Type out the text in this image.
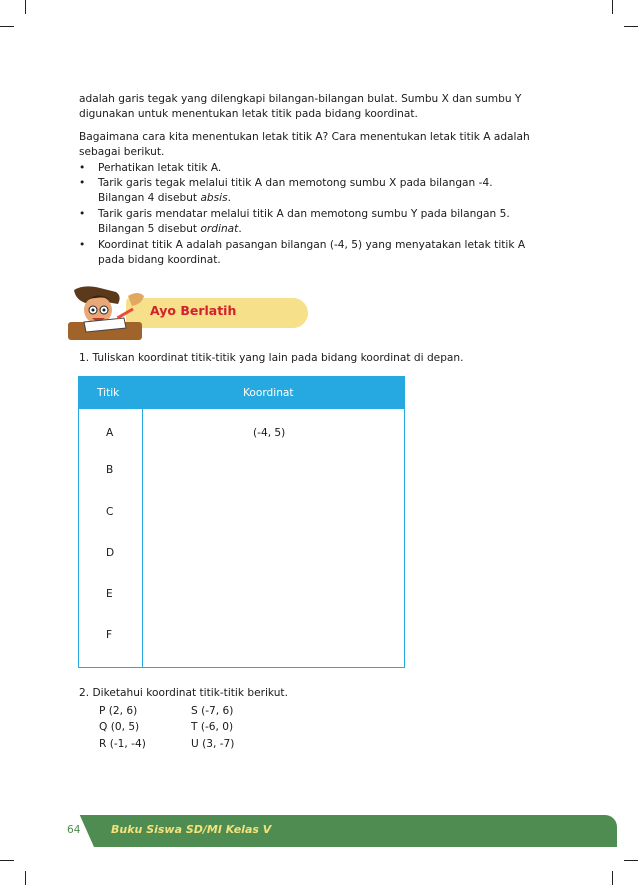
adalah garis tegak yang dilengkapi bilangan-bilangan bulat. Sumbu X dan sumbu Y
digunakan untuk menentukan letak titik pada bidang koordinat.

Bagaimana cara kita menentukan letak titik A? Cara menentukan letak titik A adalah
sebagai berikut.

• Perhatikan letak titik A.
• Tarik garis tegak melalui titik A dan memotong sumbu X pada bilangan -4.
Bilangan 4 disebut absis.
• Tarik garis mendatar melalui titik A dan memotong sumbu Y pada bilangan 5.
Bilangan 5 disebut ordinat.
• Koordinat titik A adalah pasangan bilangan (-4, 5) yang menyatakan letak titik A
pada bidang koordinat.
Ayo Berlatih

1. Tuliskan koordinat titik-titik yang lain pada bidang koordinat di depan.

Titik	Koordinat
A	(-4, 5)
B
C
D
E
F

2. Diketahui koordinat titik-titik berikut.

P (2, 6)	S (-7, 6)
Q (0, 5)	T (-6, 0)
R (-1, -4)	U (3, -7)
64	Buku Siswa SD/MI Kelas V
